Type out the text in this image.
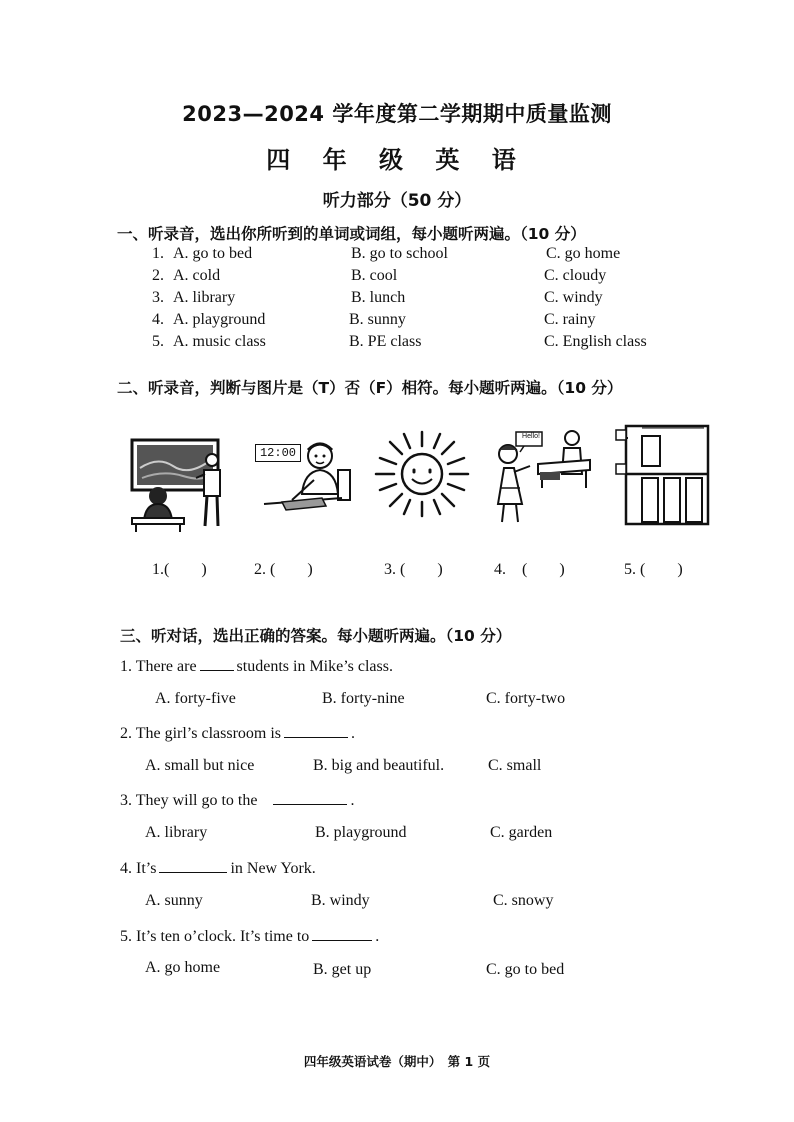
2023—2024 学年度第二学期期中质量监测
四 年 级 英 语
听力部分（50 分）
一、听录音，选出你所听到的单词或词组，每小题听两遍。（10 分）
1. A. go to bed	B. go to school	C. go home
2. A. cold	B. cool	C. cloudy
3. A. library	B. lunch	C. windy
4. A. playground	B. sunny	C. rainy
5. A. music class	B. PE class	C. English class
二、听录音，判断与图片是（T）否（F）相符。每小题听两遍。（10 分）
12:00
Hello!
1.(　　)	2. (　　)	3. (　　)	4.　(　　)	5. (　　)
三、听对话，选出正确的答案。每小题听两遍。（10 分）
1. There are	students in Mike’s class.
A. forty-five	B. forty-nine	C. forty-two
2. The girl’s classroom is	.
A. small but nice	B. big and beautiful.	C. small
3. They will go to the	.
A. library	B. playground	C. garden
4. It’s	in New York.
A. sunny	B. windy	C. snowy
5. It’s ten o’clock. It’s time to	.
A. go home	B. get up	C. go to bed
四年级英语试卷（期中）　第 1 页
